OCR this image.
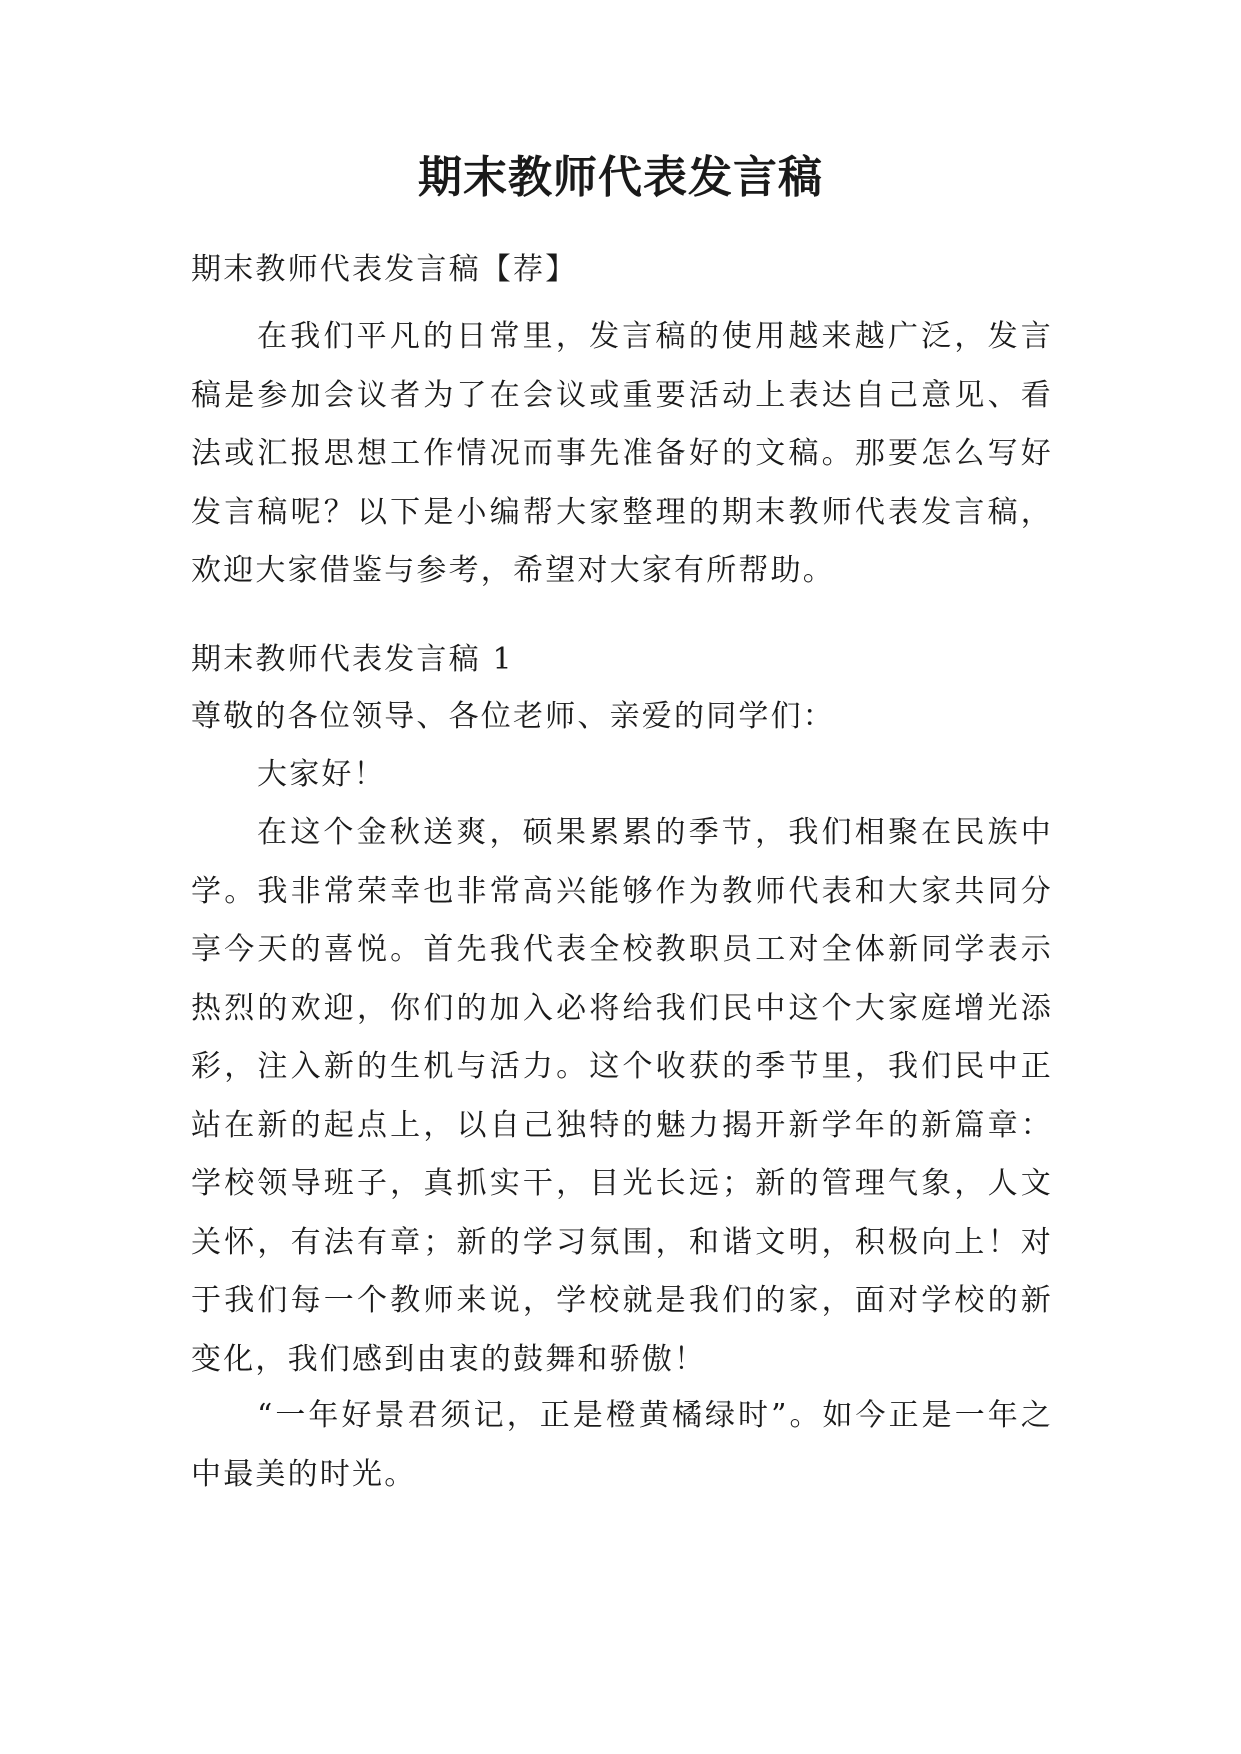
期末教师代表发言稿

期末教师代表发言稿【荐】

在我们平凡的日常里，发言稿的使用越来越广泛，发言稿是参加会议者为了在会议或重要活动上表达自己意见、看法或汇报思想工作情况而事先准备好的文稿。那要怎么写好发言稿呢？以下是小编帮大家整理的期末教师代表发言稿，欢迎大家借鉴与参考，希望对大家有所帮助。

期末教师代表发言稿 1

尊敬的各位领导、各位老师、亲爱的同学们：

大家好！

在这个金秋送爽，硕果累累的季节，我们相聚在民族中学。我非常荣幸也非常高兴能够作为教师代表和大家共同分享今天的喜悦。首先我代表全校教职员工对全体新同学表示热烈的欢迎，你们的加入必将给我们民中这个大家庭增光添彩，注入新的生机与活力。这个收获的季节里，我们民中正站在新的起点上，以自己独特的魅力揭开新学年的新篇章：学校领导班子，真抓实干，目光长远；新的管理气象，人文关怀，有法有章；新的学习氛围，和谐文明，积极向上！对于我们每一个教师来说，学校就是我们的家，面对学校的新变化，我们感到由衷的鼓舞和骄傲！

“一年好景君须记，正是橙黄橘绿时”。如今正是一年之中最美的时光。
